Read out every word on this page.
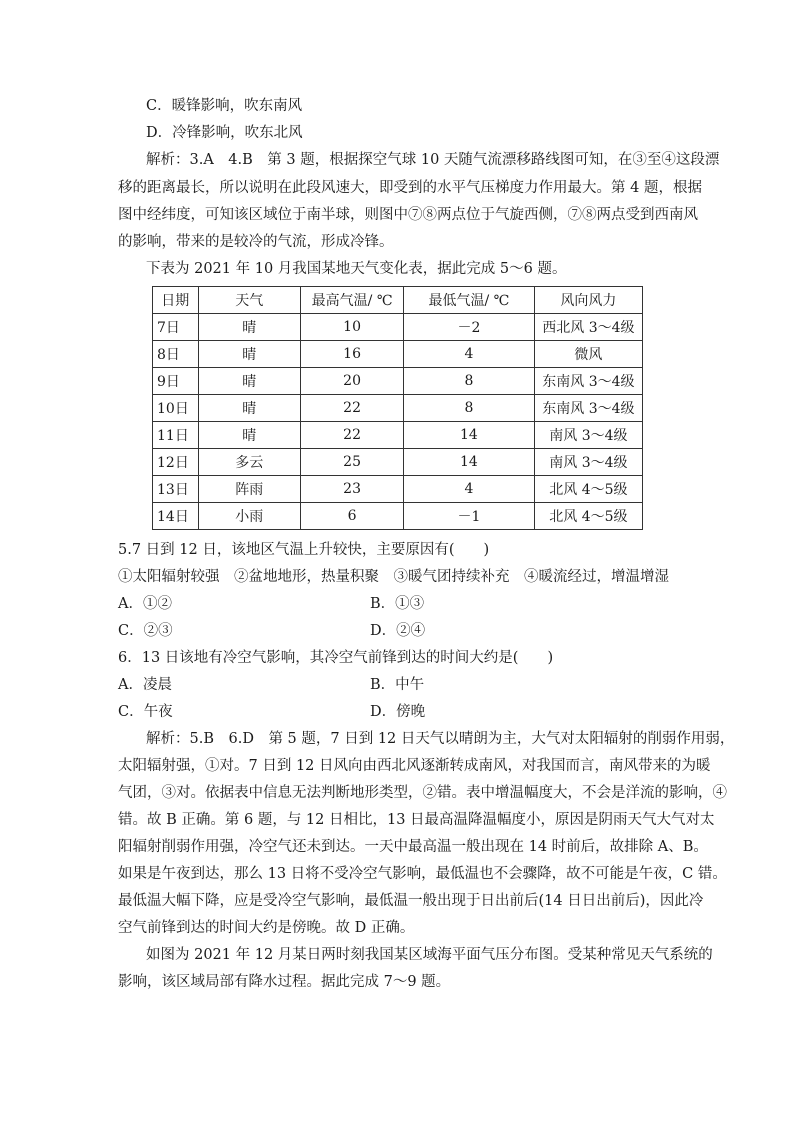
C．暖锋影响，吹东南风
D．冷锋影响，吹东北风
解析：3.A　4.B　第 3 题，根据探空气球 10 天随气流漂移路线图可知，在③至④这段漂
移的距离最长，所以说明在此段风速大，即受到的水平气压梯度力作用最大。第 4 题，根据
图中经纬度，可知该区域位于南半球，则图中⑦⑧两点位于气旋西侧，⑦⑧两点受到西南风
的影响，带来的是较冷的气流，形成冷锋。
下表为 2021 年 10 月我国某地天气变化表，据此完成 5～6 题。
日期	天气	最高气温/ ℃	最低气温/ ℃	风向风力
7日	晴	10	－2	西北风 3～4级
8日	晴	16	4	微风
9日	晴	20	8	东南风 3～4级
10日	晴	22	8	东南风 3～4级
11日	晴	22	14	南风 3～4级
12日	多云	25	14	南风 3～4级
13日	阵雨	23	4	北风 4～5级
14日	小雨	6	－1	北风 4～5级
5.7 日到 12 日，该地区气温上升较快，主要原因有(　　)
①太阳辐射较强　②盆地地形，热量积聚　③暖气团持续补充　④暖流经过，增温增湿
A．①②	B．①③
C．②③	D．②④
6．13 日该地有冷空气影响，其冷空气前锋到达的时间大约是(　　)
A．凌晨	B．中午
C．午夜	D．傍晚
解析：5.B　6.D　第 5 题，7 日到 12 日天气以晴朗为主，大气对太阳辐射的削弱作用弱，
太阳辐射强，①对。7 日到 12 日风向由西北风逐渐转成南风，对我国而言，南风带来的为暖
气团，③对。依据表中信息无法判断地形类型，②错。表中增温幅度大，不会是洋流的影响，④
错。故 B 正确。第 6 题，与 12 日相比，13 日最高温降温幅度小，原因是阴雨天气大气对太
阳辐射削弱作用强，冷空气还未到达。一天中最高温一般出现在 14 时前后，故排除 A、B。
如果是午夜到达，那么 13 日将不受冷空气影响，最低温也不会骤降，故不可能是午夜，C 错。
最低温大幅下降，应是受冷空气影响，最低温一般出现于日出前后(14 日日出前后)，因此冷
空气前锋到达的时间大约是傍晚。故 D 正确。
如图为 2021 年 12 月某日两时刻我国某区域海平面气压分布图。受某种常见天气系统的
影响，该区域局部有降水过程。据此完成 7～9 题。
